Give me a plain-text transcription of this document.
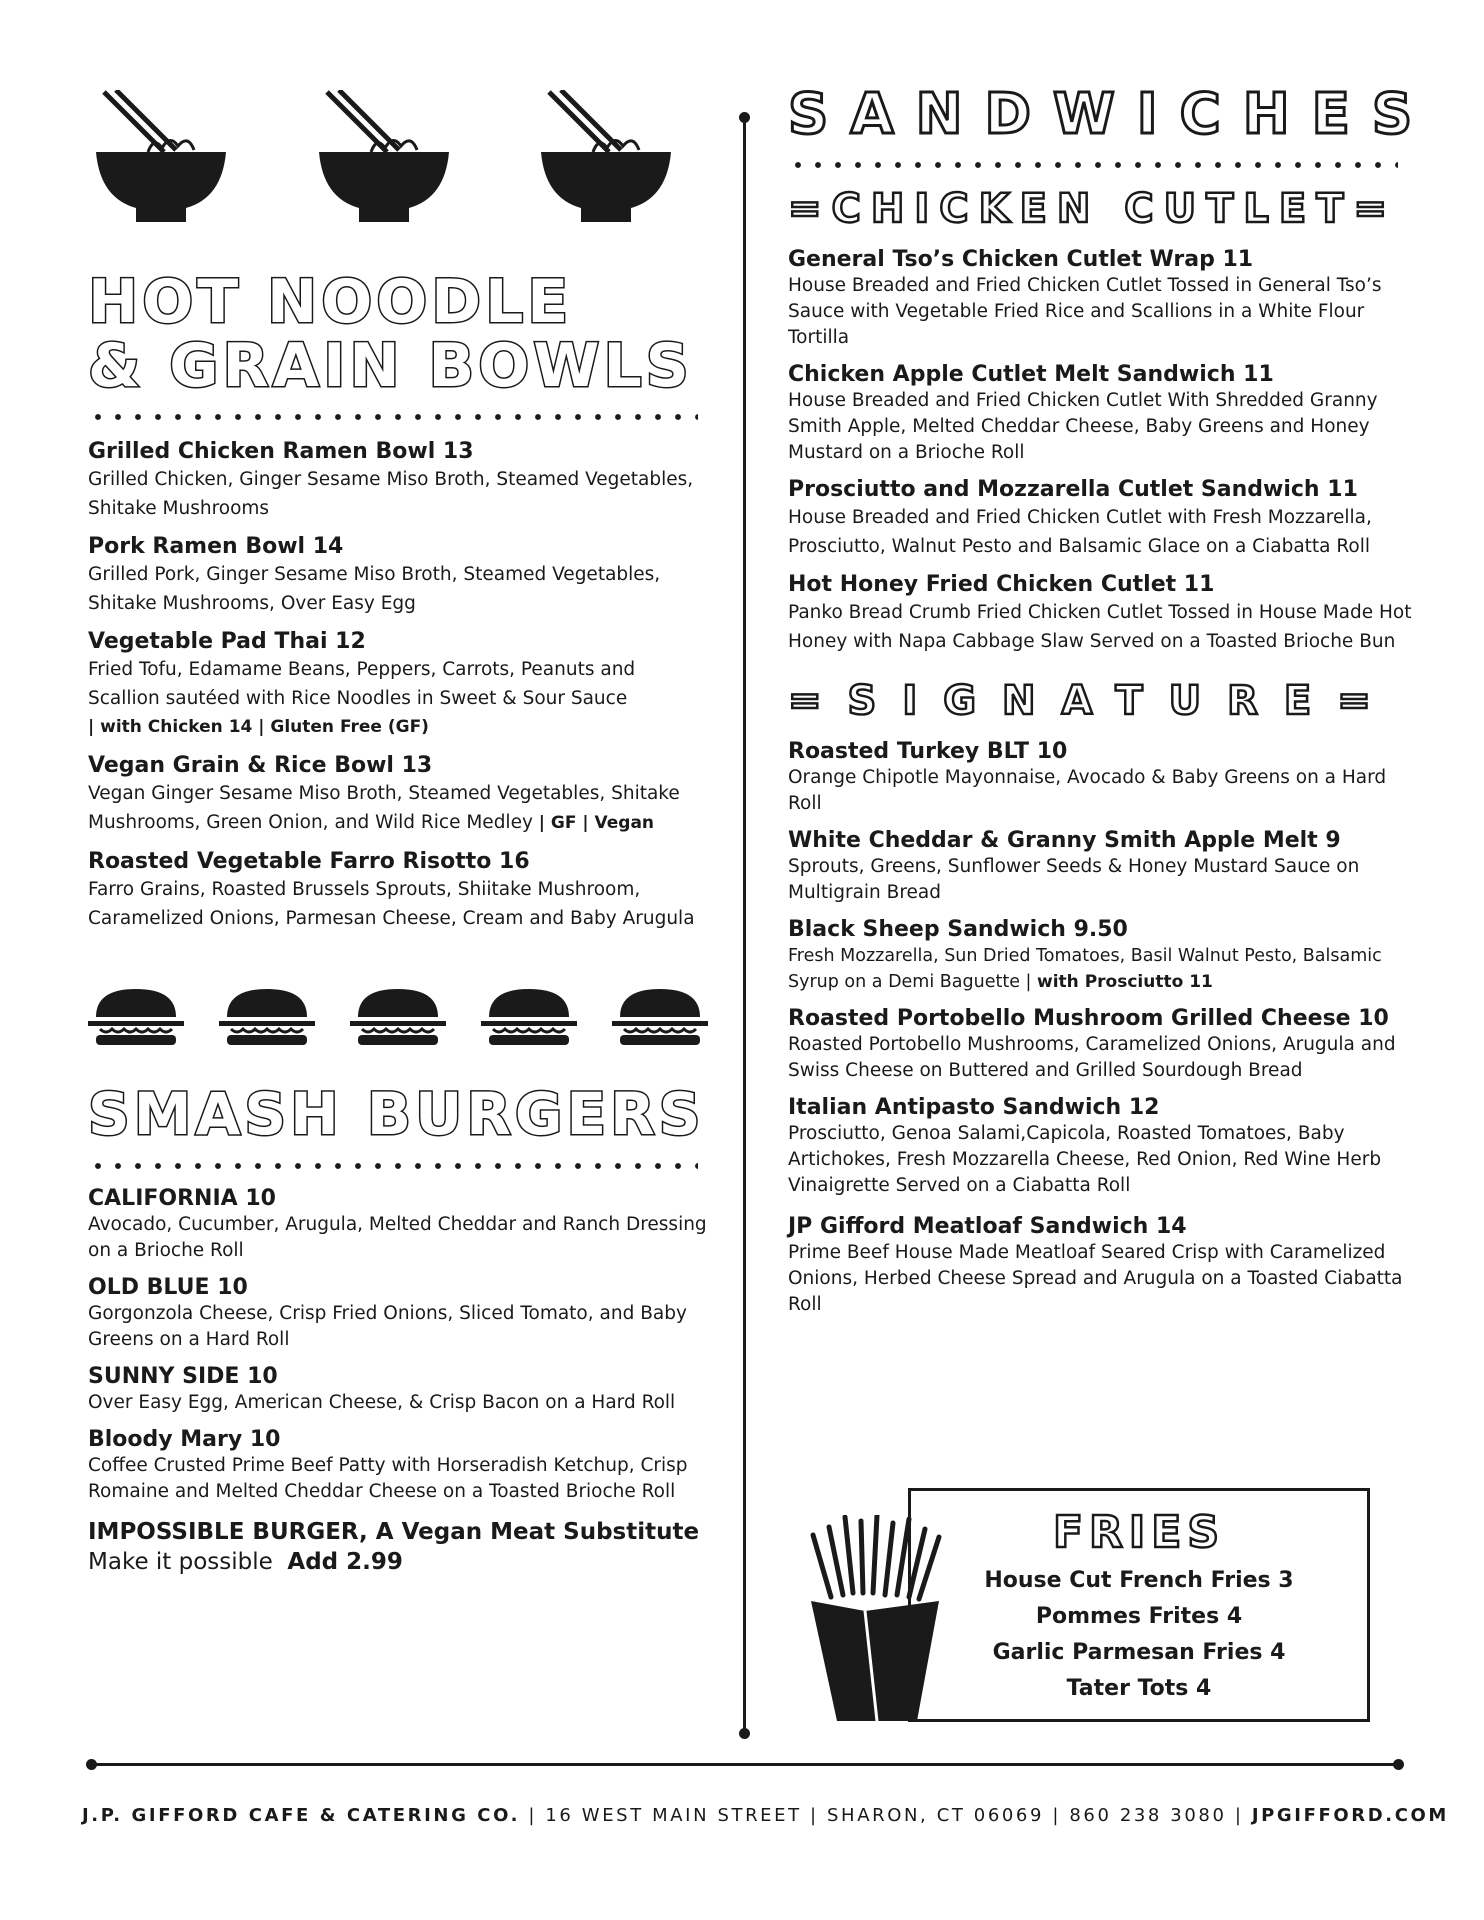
HOT NOODLE
& GRAIN BOWLS
Grilled Chicken Ramen Bowl 13
Grilled Chicken, Ginger Sesame Miso Broth, Steamed Vegetables, Shitake Mushrooms
Pork Ramen Bowl 14
Grilled Pork, Ginger Sesame Miso Broth, Steamed Vegetables, Shitake Mushrooms, Over Easy Egg
Vegetable Pad Thai 12
Fried Tofu, Edamame Beans, Peppers, Carrots, Peanuts and Scallion sautéed with Rice Noodles in Sweet & Sour Sauce
| with Chicken 14 | Gluten Free (GF)
Vegan Grain & Rice Bowl 13
Vegan Ginger Sesame Miso Broth, Steamed Vegetables, Shitake Mushrooms, Green Onion, and Wild Rice Medley | GF | Vegan
Roasted Vegetable Farro Risotto 16
Farro Grains, Roasted Brussels Sprouts, Shiitake Mushroom, Caramelized Onions, Parmesan Cheese, Cream and Baby Arugula
SMASH BURGERS
CALIFORNIA 10
Avocado, Cucumber, Arugula, Melted Cheddar and Ranch Dressing on a Brioche Roll
OLD BLUE 10
Gorgonzola Cheese, Crisp Fried Onions, Sliced Tomato, and Baby Greens on a Hard Roll
SUNNY SIDE 10
Over Easy Egg, American Cheese, & Crisp Bacon on a Hard Roll
Bloody Mary 10
Coffee Crusted Prime Beef Patty with Horseradish Ketchup, Crisp Romaine and Melted Cheddar Cheese on a Toasted Brioche Roll
IMPOSSIBLE BURGER, A Vegan Meat Substitute
Make it possible Add 2.99
SANDWICHES
=CHICKEN CUTLET=
General Tso’s Chicken Cutlet Wrap 11
House Breaded and Fried Chicken Cutlet Tossed in General Tso’s Sauce with Vegetable Fried Rice and Scallions in a White Flour Tortilla
Chicken Apple Cutlet Melt Sandwich 11
House Breaded and Fried Chicken Cutlet With Shredded Granny Smith Apple, Melted Cheddar Cheese, Baby Greens and Honey Mustard on a Brioche Roll
Prosciutto and Mozzarella Cutlet Sandwich 11
House Breaded and Fried Chicken Cutlet with Fresh Mozzarella, Prosciutto, Walnut Pesto and Balsamic Glace on a Ciabatta Roll
Hot Honey Fried Chicken Cutlet 11
Panko Bread Crumb Fried Chicken Cutlet Tossed in House Made Hot Honey with Napa Cabbage Slaw Served on a Toasted Brioche Bun
=SIGNATURE=
Roasted Turkey BLT 10
Orange Chipotle Mayonnaise, Avocado & Baby Greens on a Hard Roll
White Cheddar & Granny Smith Apple Melt 9
Sprouts, Greens, Sunflower Seeds & Honey Mustard Sauce on Multigrain Bread
Black Sheep Sandwich 9.50
Fresh Mozzarella, Sun Dried Tomatoes, Basil Walnut Pesto, Balsamic Syrup on a Demi Baguette | with Prosciutto 11
Roasted Portobello Mushroom Grilled Cheese 10
Roasted Portobello Mushrooms, Caramelized Onions, Arugula and Swiss Cheese on Buttered and Grilled Sourdough Bread
Italian Antipasto Sandwich 12
Prosciutto, Genoa Salami,Capicola, Roasted Tomatoes, Baby Artichokes, Fresh Mozzarella Cheese, Red Onion, Red Wine Herb Vinaigrette Served on a Ciabatta Roll
JP Gifford Meatloaf Sandwich 14
Prime Beef House Made Meatloaf Seared Crisp with Caramelized Onions, Herbed Cheese Spread and Arugula on a Toasted Ciabatta Roll
FRIES
House Cut French Fries 3
Pommes Frites 4
Garlic Parmesan Fries 4
Tater Tots 4
J.P. GIFFORD CAFE & CATERING CO. | 16 WEST MAIN STREET | SHARON, CT 06069 | 860 238 3080 | JPGIFFORD.COM
